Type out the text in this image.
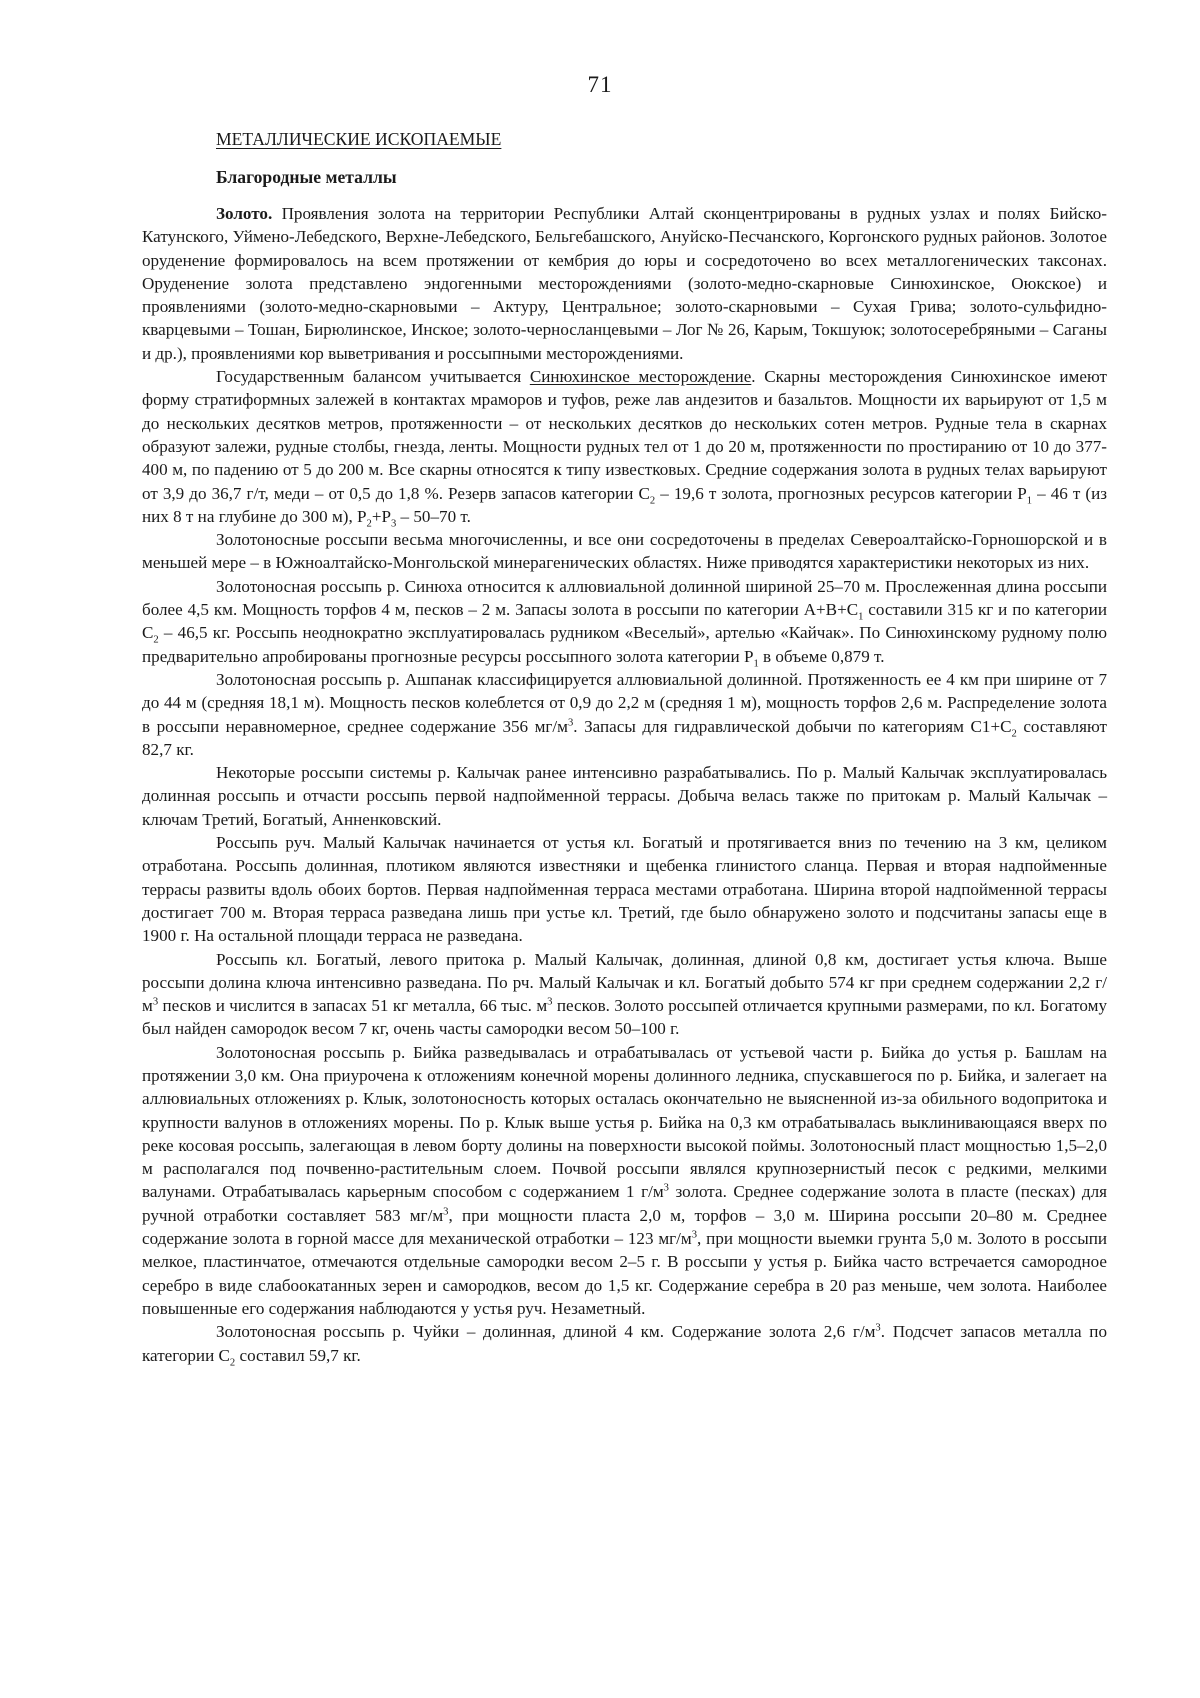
71
МЕТАЛЛИЧЕСКИЕ ИСКОПАЕМЫЕ
Благородные металлы

Золото. Проявления золота на территории Республики Алтай сконцентрированы в рудных узлах и полях Бийско-Катунского, Уймено-Лебедского, Верхне-Лебедского, Бельгебашского, Ануйско-Песчанского, Коргонского рудных районов. Золотое оруденение формировалось на всем протяжении от кембрия до юры и сосредоточено во всех металлогенических таксонах. Оруденение золота представлено эндогенными месторождениями (золото-медно-скарновые Синюхинское, Оюкское) и проявлениями (золото-медно-скарновыми – Актуру, Центральное; золото-скарновыми – Сухая Грива; золото-сульфидно-кварцевыми – Тошан, Бирюлинское, Инское; золото-черносланцевыми – Лог № 26, Карым, Токшуюк; золотосеребряными – Саганы и др.), проявлениями кор выветривания и россыпными месторождениями.

Государственным балансом учитывается Синюхинское месторождение. Скарны месторождения Синюхинское имеют форму стратиформных залежей в контактах мраморов и туфов, реже лав андезитов и базальтов. Мощности их варьируют от 1,5 м до нескольких десятков метров, протяженности – от нескольких десятков до нескольких сотен метров. Рудные тела в скарнах образуют залежи, рудные столбы, гнезда, ленты. Мощности рудных тел от 1 до 20 м, протяженности по простиранию от 10 до 377-400 м, по падению от 5 до 200 м. Все скарны относятся к типу известковых. Средние содержания золота в рудных телах варьируют от 3,9 до 36,7 г/т, меди – от 0,5 до 1,8 %. Резерв запасов категории $С_2 - 19,6$ т золота, прогнозных ресурсов категории $Р_1 - 46$ т (из них 8 т на глубине до 300 м), $Р_2+Р_3 - 50-70$ т.

Золотоносные россыпи весьма многочисленны, и все они сосредоточены в пределах Североалтайско-Горношорской и в меньшей мере – в Южноалтайско-Монгольской минерагенических областях. Ниже приводятся характеристики некоторых из них.

Золотоносная россыпь р. Синюха относится к аллювиальной долинной шириной 25–70 м. Прослеженная длина россыпи более 4,5 км. Мощность торфов 4 м, песков – 2 м. Запасы золота в россыпи по категории $А+В+С_1$ составили 315 кг и по категории $С_2 - 46,5$ кг. Россыпь неоднократно эксплуатировалась рудником «Веселый», артелью «Кайчак». По Синюхинскому рудному полю предварительно апробированы прогнозные ресурсы россыпного золота категории $Р_1$ в объеме 0,879 т.

Золотоносная россыпь р. Ашпанак классифицируется аллювиальной долинной. Протяженность ее 4 км при ширине от 7 до 44 м (средняя 18,1 м). Мощность песков колеблется от 0,9 до 2,2 м (средняя 1 м), мощность торфов 2,6 м. Распределение золота в россыпи неравномерное, среднее содержание 356 $мг/м^3$. Запасы для гидравлической добычи по категориям $С1+С_2$ составляют 82,7 кг.

Некоторые россыпи системы р. Калычак ранее интенсивно разрабатывались. По р. Малый Калычак эксплуатировалась долинная россыпь и отчасти россыпь первой надпойменной террасы. Добыча велась также по притокам р. Малый Калычак – ключам Третий, Богатый, Анненковский.

Россыпь руч. Малый Калычак начинается от устья кл. Богатый и протягивается вниз по течению на 3 км, целиком отработана. Россыпь долинная, плотиком являются известняки и щебенка глинистого сланца. Первая и вторая надпойменные террасы развиты вдоль обоих бортов. Первая надпойменная терраса местами отработана. Ширина второй надпойменной террасы достигает 700 м. Вторая терраса разведана лишь при устье кл. Третий, где было обнаружено золото и подсчитаны запасы еще в 1900 г. На остальной площади терраса не разведана.

Россыпь кл. Богатый, левого притока р. Малый Калычак, долинная, длиной 0,8 км, достигает устья ключа. Выше россыпи долина ключа интенсивно разведана. По рч. Малый Калычак и кл. Богатый добыто 574 кг при среднем содержании 2,2 $г/м^3$ песков и числится в запасах 51 кг металла, 66 тыс. $м^3$ песков. Золото россыпей отличается крупными размерами, по кл. Богатому был найден самородок весом 7 кг, очень часты самородки весом 50–100 г.

Золотоносная россыпь р. Бийка разведывалась и отрабатывалась от устьевой части р. Бийка до устья р. Башлам на протяжении 3,0 км. Она приурочена к отложениям конечной морены долинного ледника, спускавшегося по р. Бийка, и залегает на аллювиальных отложениях р. Клык, золотоносность которых осталась окончательно не выясненной из-за обильного водопритока и крупности валунов в отложениях морены. По р. Клык выше устья р. Бийка на 0,3 км отрабатывалась выклинивающаяся вверх по реке косовая россыпь, залегающая в левом борту долины на поверхности высокой поймы. Золотоносный пласт мощностью 1,5–2,0 м располагался под почвенно-растительным слоем. Почвой россыпи являлся крупнозернистый песок с редкими, мелкими валунами. Отрабатывалась карьерным способом с содержанием 1 $г/м^3$ золота. Среднее содержание золота в пласте (песках) для ручной отработки составляет 583 $мг/м^3$, при мощности пласта 2,0 м, торфов – 3,0 м. Ширина россыпи 20–80 м. Среднее содержание золота в горной массе для механической отработки – 123 $мг/м^3$, при мощности выемки грунта 5,0 м. Золото в россыпи мелкое, пластинчатое, отмечаются отдельные самородки весом 2–5 г. В россыпи у устья р. Бийка часто встречается самородное серебро в виде слабоокатанных зерен и самородков, весом до 1,5 кг. Содержание серебра в 20 раз меньше, чем золота. Наиболее повышенные его содержания наблюдаются у устья руч. Незаметный.

Золотоносная россыпь р. Чуйки – долинная, длиной 4 км. Содержание золота 2,6 $г/м^3$. Подсчет запасов металла по категории $С_2$ составил 59,7 кг.
